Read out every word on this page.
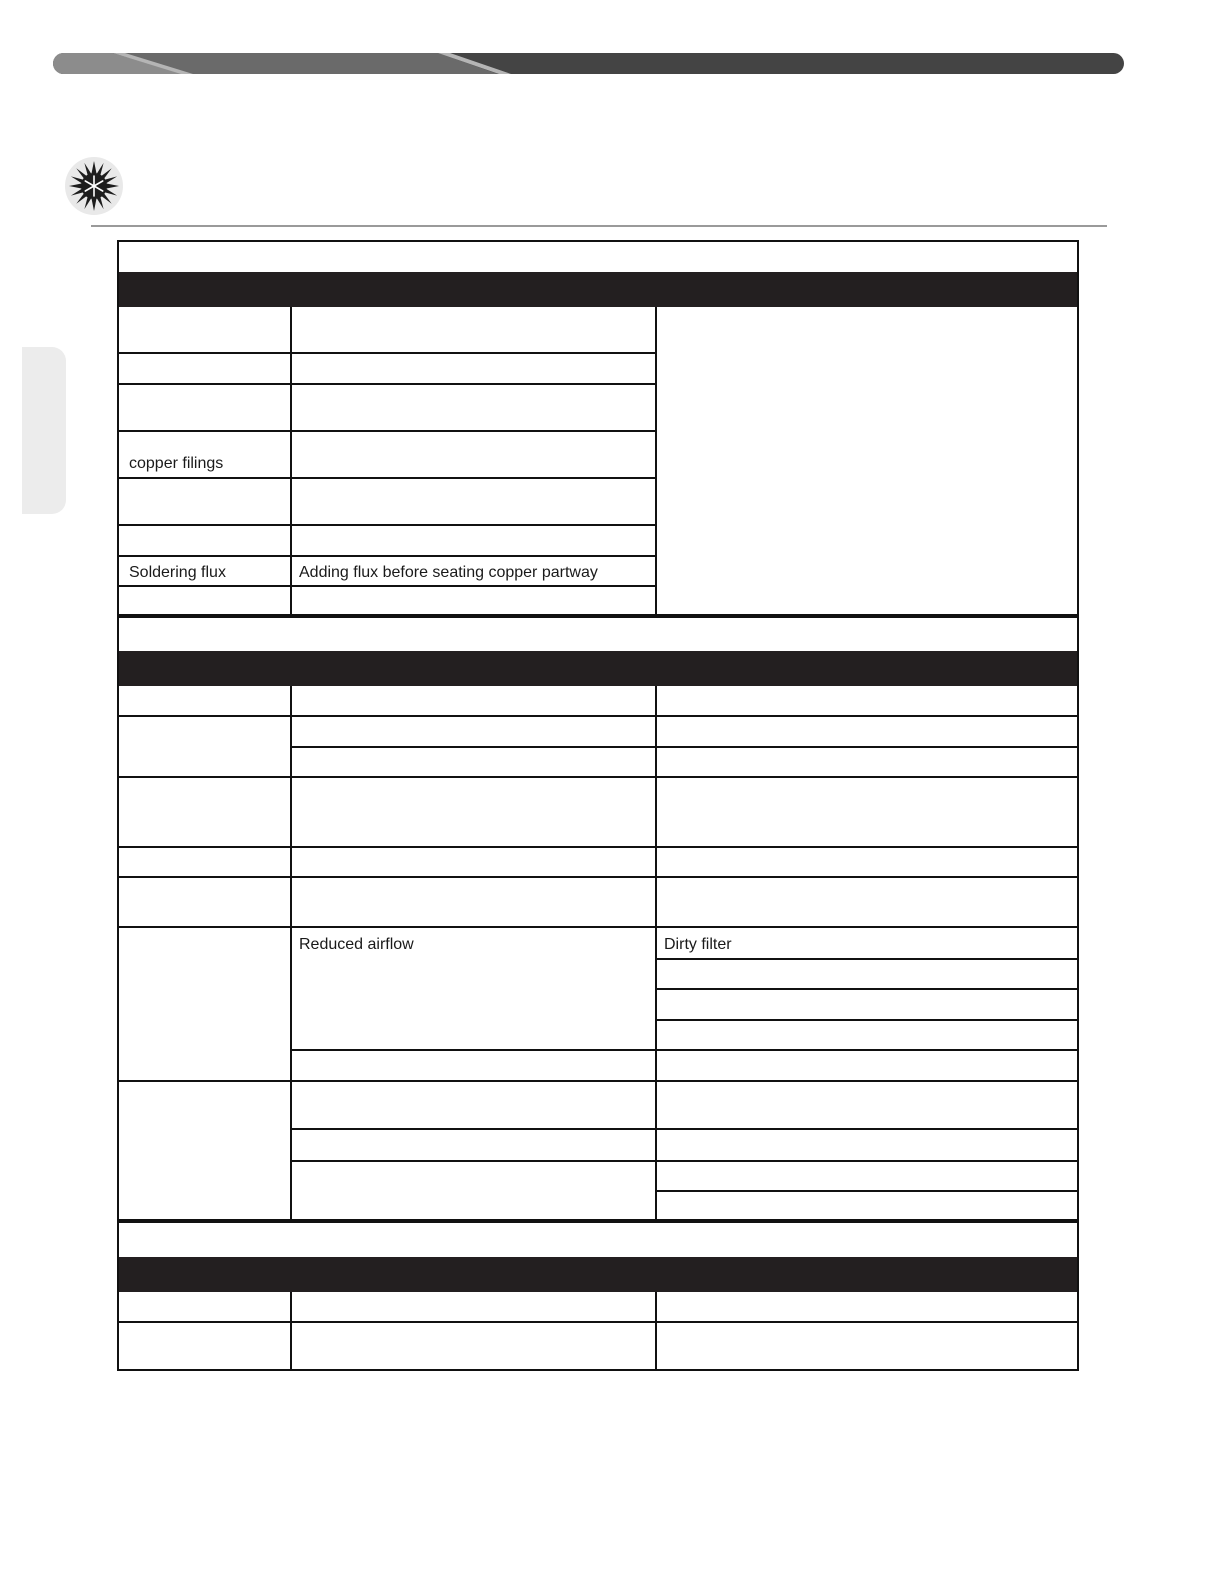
copper filings
Soldering flux	Adding flux before seating copper partway
Reduced airflow	Dirty filter
